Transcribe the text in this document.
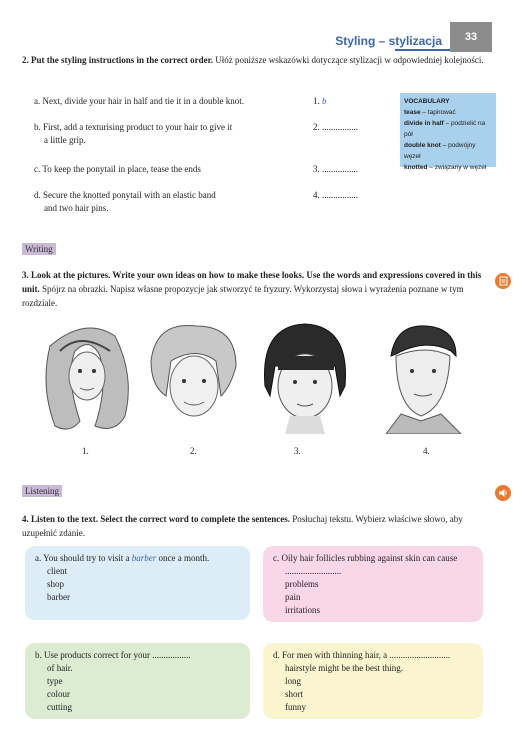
Styling – stylizacja	33
2. Put the styling instructions in the correct order. Ułóż poniższe wskazówki dotyczące stylizacji w odpowiedniej kolejności.
a. Next, divide your hair in half and tie it in a double knot.	1. b
b. First, add a texturising product to your hair to give it
a little grip.
2. ................
c. To keep the ponytail in place, tease the ends	3. ................
d. Secure the knotted ponytail with an elastic band
and two hair pins.
4. ................
VOCABULARY
tease – tapirować
divide in half – podzielić na pół
double knot – podwójny węzeł
knotted – związany w węzeł
Writing
3. Look at the pictures. Write your own ideas on how to make these looks. Use the words and expressions covered in this unit. Spójrz na obrazki. Napisz własne propozycje jak stworzyć te fryzury. Wykorzystaj słowa i wyrażenia poznane w tym rozdziale.
1.	2.	3.	4.
Listening
4. Listen to the text. Select the correct word to complete the sentences. Posłuchaj tekstu. Wybierz właściwe słowo, aby uzupełnić zdanie.
a. You should try to visit a barber once a month.
client
shop
barber
c. Oily hair follicles rubbing against skin can cause
.........................
problems
pain
irritations
b. Use products correct for your .................
of hair.
type
colour
cutting
d. For men with thinning hair, a ...........................
hairstyle might be the best thing.
long
short
funny
